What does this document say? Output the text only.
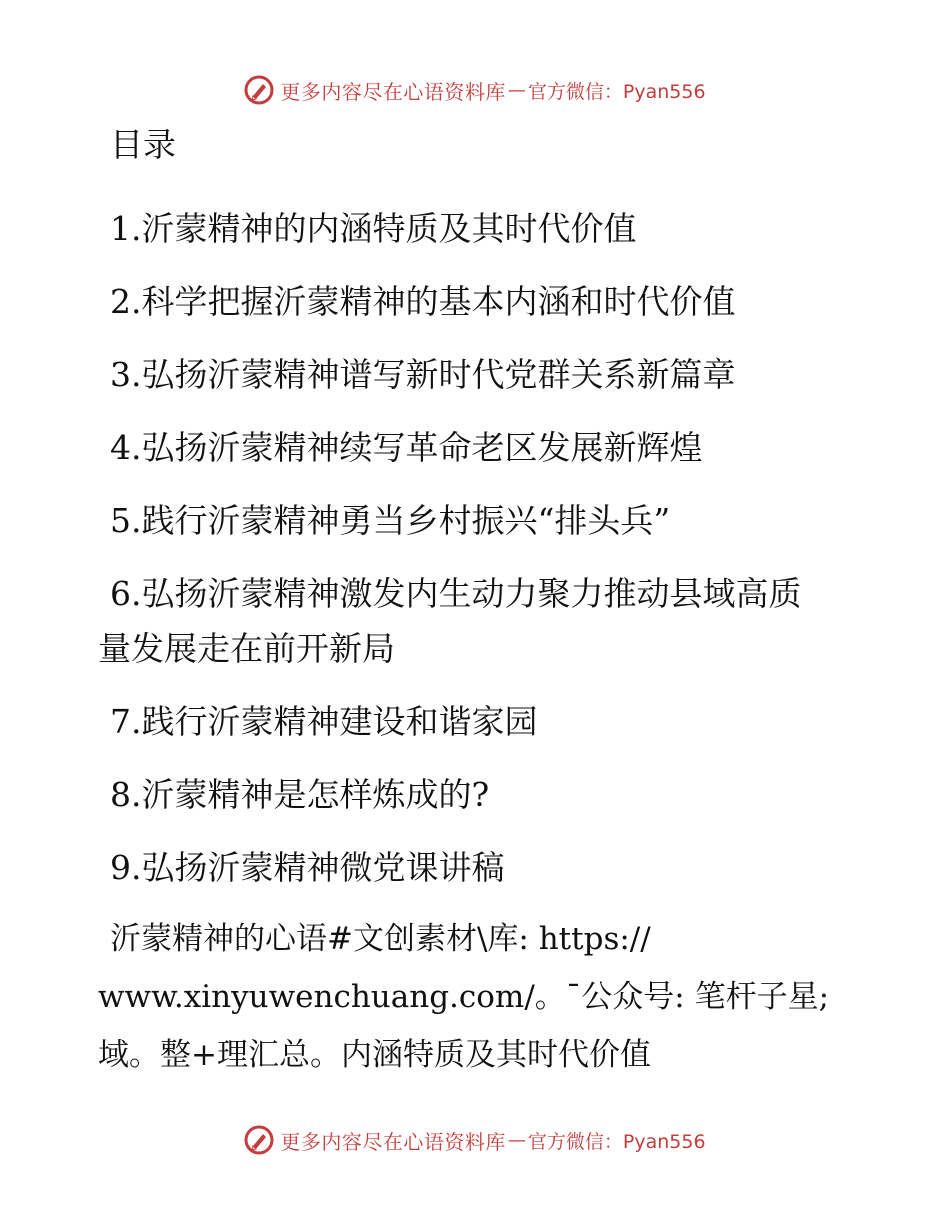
更多内容尽在心语资料库 — 官方微信：Pyan556
目录
1.沂蒙精神的内涵特质及其时代价值
2.科学把握沂蒙精神的基本内涵和时代价值
3.弘扬沂蒙精神谱写新时代党群关系新篇章
4.弘扬沂蒙精神续写革命老区发展新辉煌
5.践行沂蒙精神勇当乡村振兴“排头兵”
6.弘扬沂蒙精神激发内生动力聚力推动县域高质
量发展走在前开新局
7.践行沂蒙精神建设和谐家园
8.沂蒙精神是怎样炼成的?
9.弘扬沂蒙精神微党课讲稿
沂蒙精神的心语#文创素材\库: https://
www.xinyuwenchuang.com/。¯公众号: 笔杆子星;
域。整+理汇总。内涵特质及其时代价值
更多内容尽在心语资料库 — 官方微信：Pyan556
